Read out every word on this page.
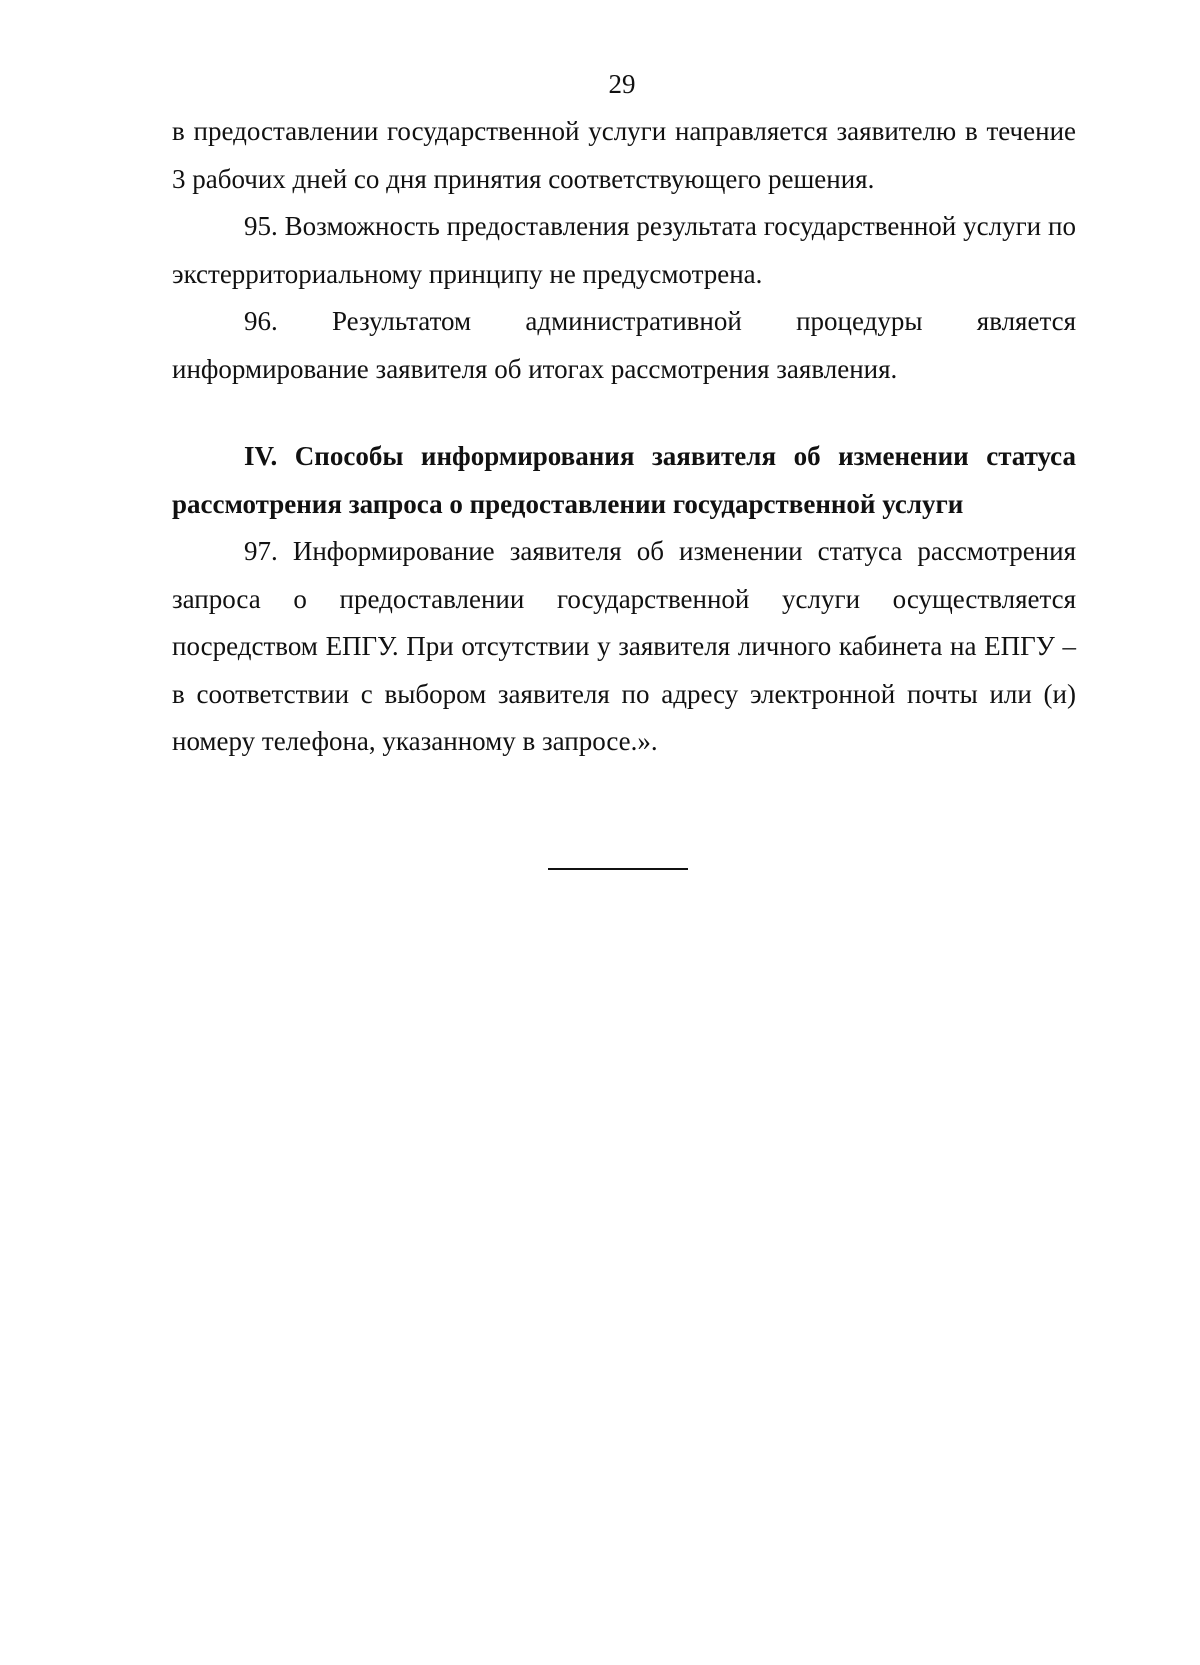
29

в предоставлении государственной услуги направляется заявителю в течение 3 рабочих дней со дня принятия соответствующего решения.

95. Возможность предоставления результата государственной услуги по экстерриториальному принципу не предусмотрена.

96. Результатом административной процедуры является

информирование заявителя об итогах рассмотрения заявления.

IV. Способы информирования заявителя об изменении статуса рассмотрения запроса о предоставлении государственной услуги

97. Информирование заявителя об изменении статуса рассмотрения запроса о предоставлении государственной услуги осуществляется посредством ЕПГУ. При отсутствии у заявителя личного кабинета на ЕПГУ – в соответствии с выбором заявителя по адресу электронной почты или (и) номеру телефона, указанному в запросе.».
